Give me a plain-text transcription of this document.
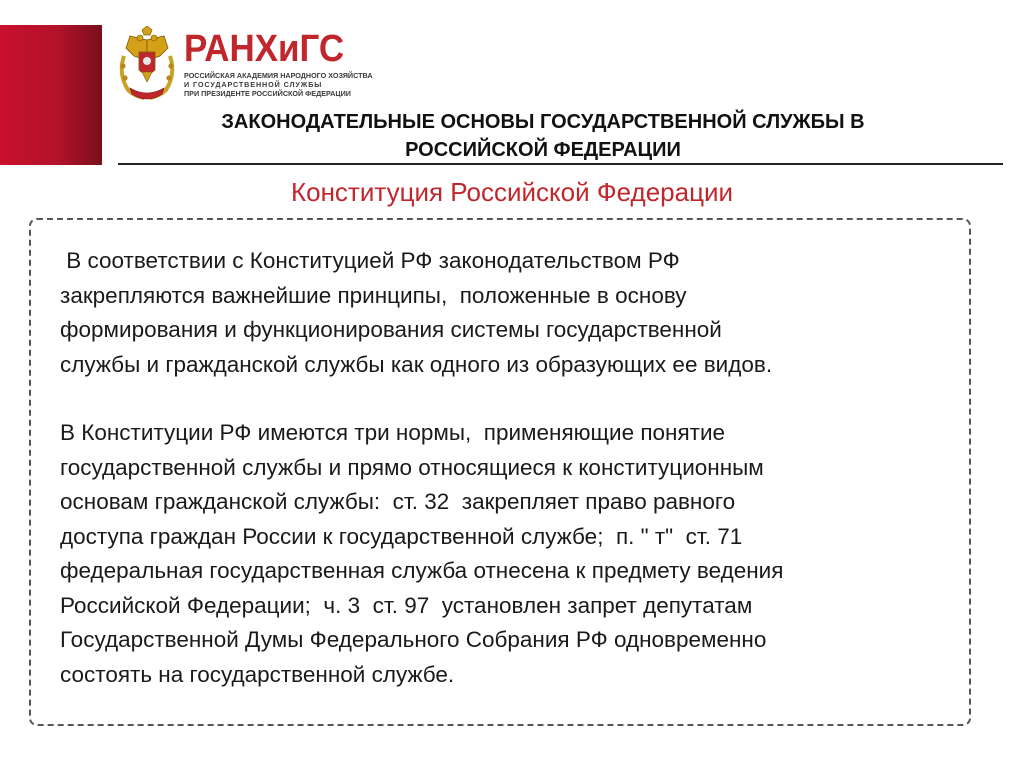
РАНХиГС
РОССИЙСКАЯ АКАДЕМИЯ НАРОДНОГО ХОЗЯЙСТВА
И ГОСУДАРСТВЕННОЙ СЛУЖБЫ
ПРИ ПРЕЗИДЕНТЕ РОССИЙСКОЙ ФЕДЕРАЦИИ
ЗАКОНОДАТЕЛЬНЫЕ ОСНОВЫ ГОСУДАРСТВЕННОЙ СЛУЖБЫ В
РОССИЙСКОЙ ФЕДЕРАЦИИ
Конституция Российской Федерации
В соответствии с Конституцией РФ законодательством РФ
закрепляются важнейшие принципы,  положенные в основу
формирования и функционирования системы государственной
службы и гражданской службы как одного из образующих ее видов.
В Конституции РФ имеются три нормы,  применяющие понятие
государственной службы и прямо относящиеся к конституционным
основам гражданской службы:  ст. 32  закрепляет право равного
доступа граждан России к государственной службе;  п. " т"  ст. 71
федеральная государственная служба отнесена к предмету ведения
Российской Федерации;  ч. 3  ст. 97  установлен запрет депутатам
Государственной Думы Федерального Собрания РФ одновременно
состоять на государственной службе.
